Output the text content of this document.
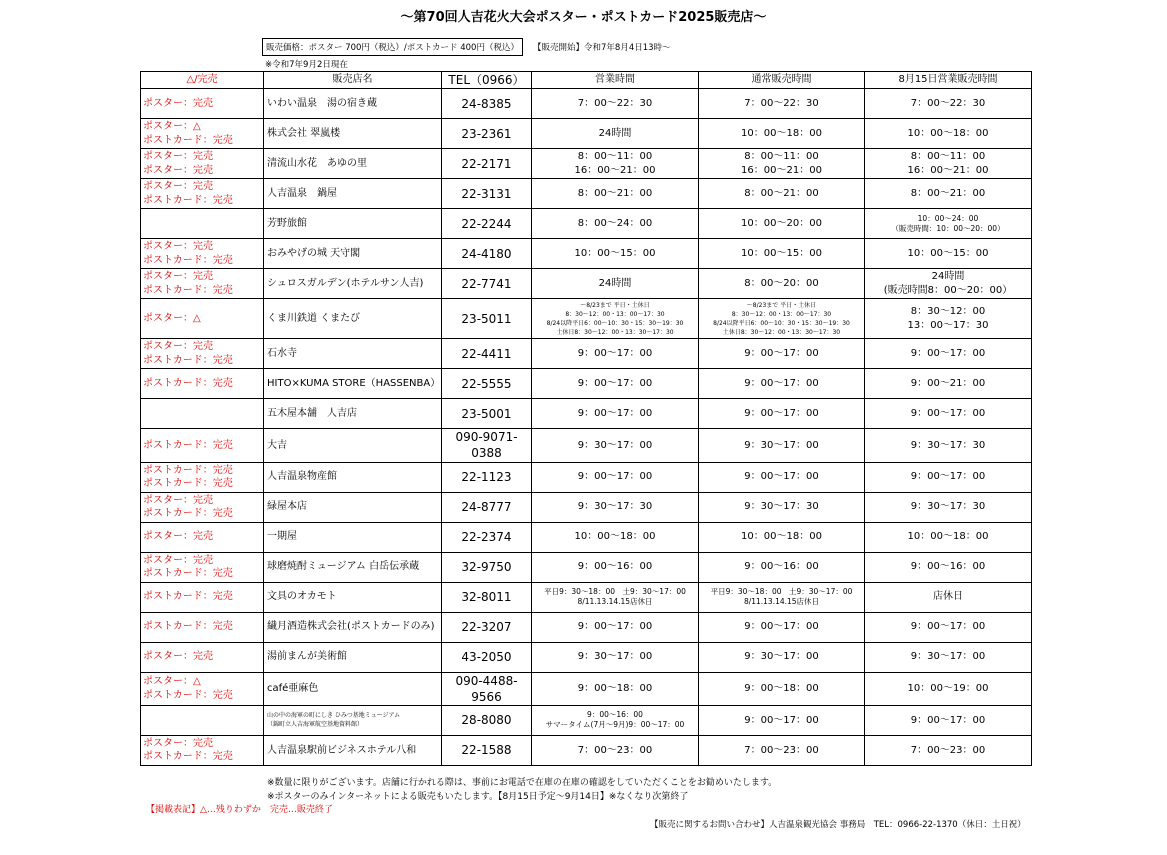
～第70回人吉花火大会ポスター・ポストカード2025販売店～
販売価格：ポスター 700円（税込）/ポストカード 400円（税込）	【販売開始】令和7年8月4日13時～
※令和7年9月2日現在
△/完売	販売店名	TEL（0966）	営業時間	通常販売時間	8月15日営業販売時間

ポスター：完売	いわい温泉　湯の宿き蔵	24-8385	7：00～22：30	7：00～22：30	7：00～22：30

ポスター：△
ポストカード：完売	株式会社 翠嵐楼	23-2361	24時間	10：00～18：00	10：00～18：00

ポスター：完売
ポスター：完売	清流山水花　あゆの里	22-2171	8：00～11：00
16：00～21：00	8：00～11：00
16：00～21：00	8：00～11：00
16：00～21：00

ポスター：完売
ポストカード：完売	人吉温泉　鍋屋	22-3131	8：00～21：00	8：00～21：00	8：00～21：00

	芳野旅館	22-2244	8：00～24：00	10：00～20：00	10：00～24：00
（販売時間：10：00～20：00）

ポスター：完売
ポストカード：完売	おみやげの城 天守閣	24-4180	10：00～15：00	10：00～15：00	10：00～15：00

ポスター：完売
ポストカード：完売	シュロスガルデン(ホテルサン人吉)	22-7741	24時間	8：00～20：00	24時間
(販売時間8：00～20：00）

ポスター：△	くま川鉄道 くまたび	23-5011	～8/23まで 平日・土休日
8：30～12：00・13：00～17：30
8/24以降平日6：00～10：30・15：30～19：30
土休日8：30～12：00・13：30～17：30	～8/23まで 平日・土休日
8：30～12：00・13：00～17：30
8/24以降平日6：00～10：30・15：30～19：30
土休日8：30～12：00・13：30～17：30	8：30～12：00
13：00～17：30

ポスター：完売
ポストカード：完売	石水寺	22-4411	9：00～17：00	9：00～17：00	9：00～17：00

ポストカード：完売	HITO×KUMA STORE（HASSENBA）	22-5555	9：00～17：00	9：00～17：00	9：00～21：00

	五木屋本舗　人吉店	23-5001	9：00～17：00	9：00～17：00	9：00～17：00

ポストカード：完売	大吉	090-9071-0388	9：30～17：00	9：30～17：00	9：30～17：30

ポストカード：完売
ポストカード：完売	人吉温泉物産館	22-1123	9：00～17：00	9：00～17：00	9：00～17：00

ポスター：完売
ポストカード：完売	緑屋本店	24-8777	9：30～17：30	9：30～17：30	9：30～17：30

ポスター：完売	一期屋	22-2374	10：00～18：00	10：00～18：00	10：00～18：00

ポスター：完売
ポストカード：完売	球磨焼酎ミュージアム 白岳伝承蔵	32-9750	9：00～16：00	9：00～16：00	9：00～16：00

ポストカード：完売	文具のオカモト	32-8011	平日9：30～18：00　土9：30～17：00
8/11.13.14.15店休日	平日9：30～18：00　土9：30～17：00
8/11.13.14.15店休日	店休日

ポストカード：完売	繊月酒造株式会社(ポストカードのみ)	22-3207	9：00～17：00	9：00～17：00	9：00～17：00

ポスター：完売	湯前まんが美術館	43-2050	9：30～17：00	9：30～17：00	9：30～17：00

ポスター：△
ポストカード：完売	café亜麻色	090-4488-9566	9：00～18：00	9：00～18：00	10：00～19：00

	山の中の海軍の町にしき ひみつ基地ミュージアム
（錦町立人吉海軍航空基地資料館）	28-8080	9：00～16：00
サマータイム(7月～9月)9：00～17：00	9：00～17：00	9：00～17：00

ポスター：完売
ポストカード：完売	人吉温泉駅前ビジネスホテル八和	22-1588	7：00～23：00	7：00～23：00	7：00～23：00
※数量に限りがございます。店舗に行かれる際は、事前にお電話で在庫の在庫の確認をしていただくことをお勧めいたします。
※ポスターのみインターネットによる販売もいたします。【8月15日予定～9月14日】※なくなり次第終了
【掲載表記】△…残りわずか　完売…販売終了
【販売に関するお問い合わせ】人吉温泉観光協会 事務局　TEL：0966-22-1370（休日：土日祝）
